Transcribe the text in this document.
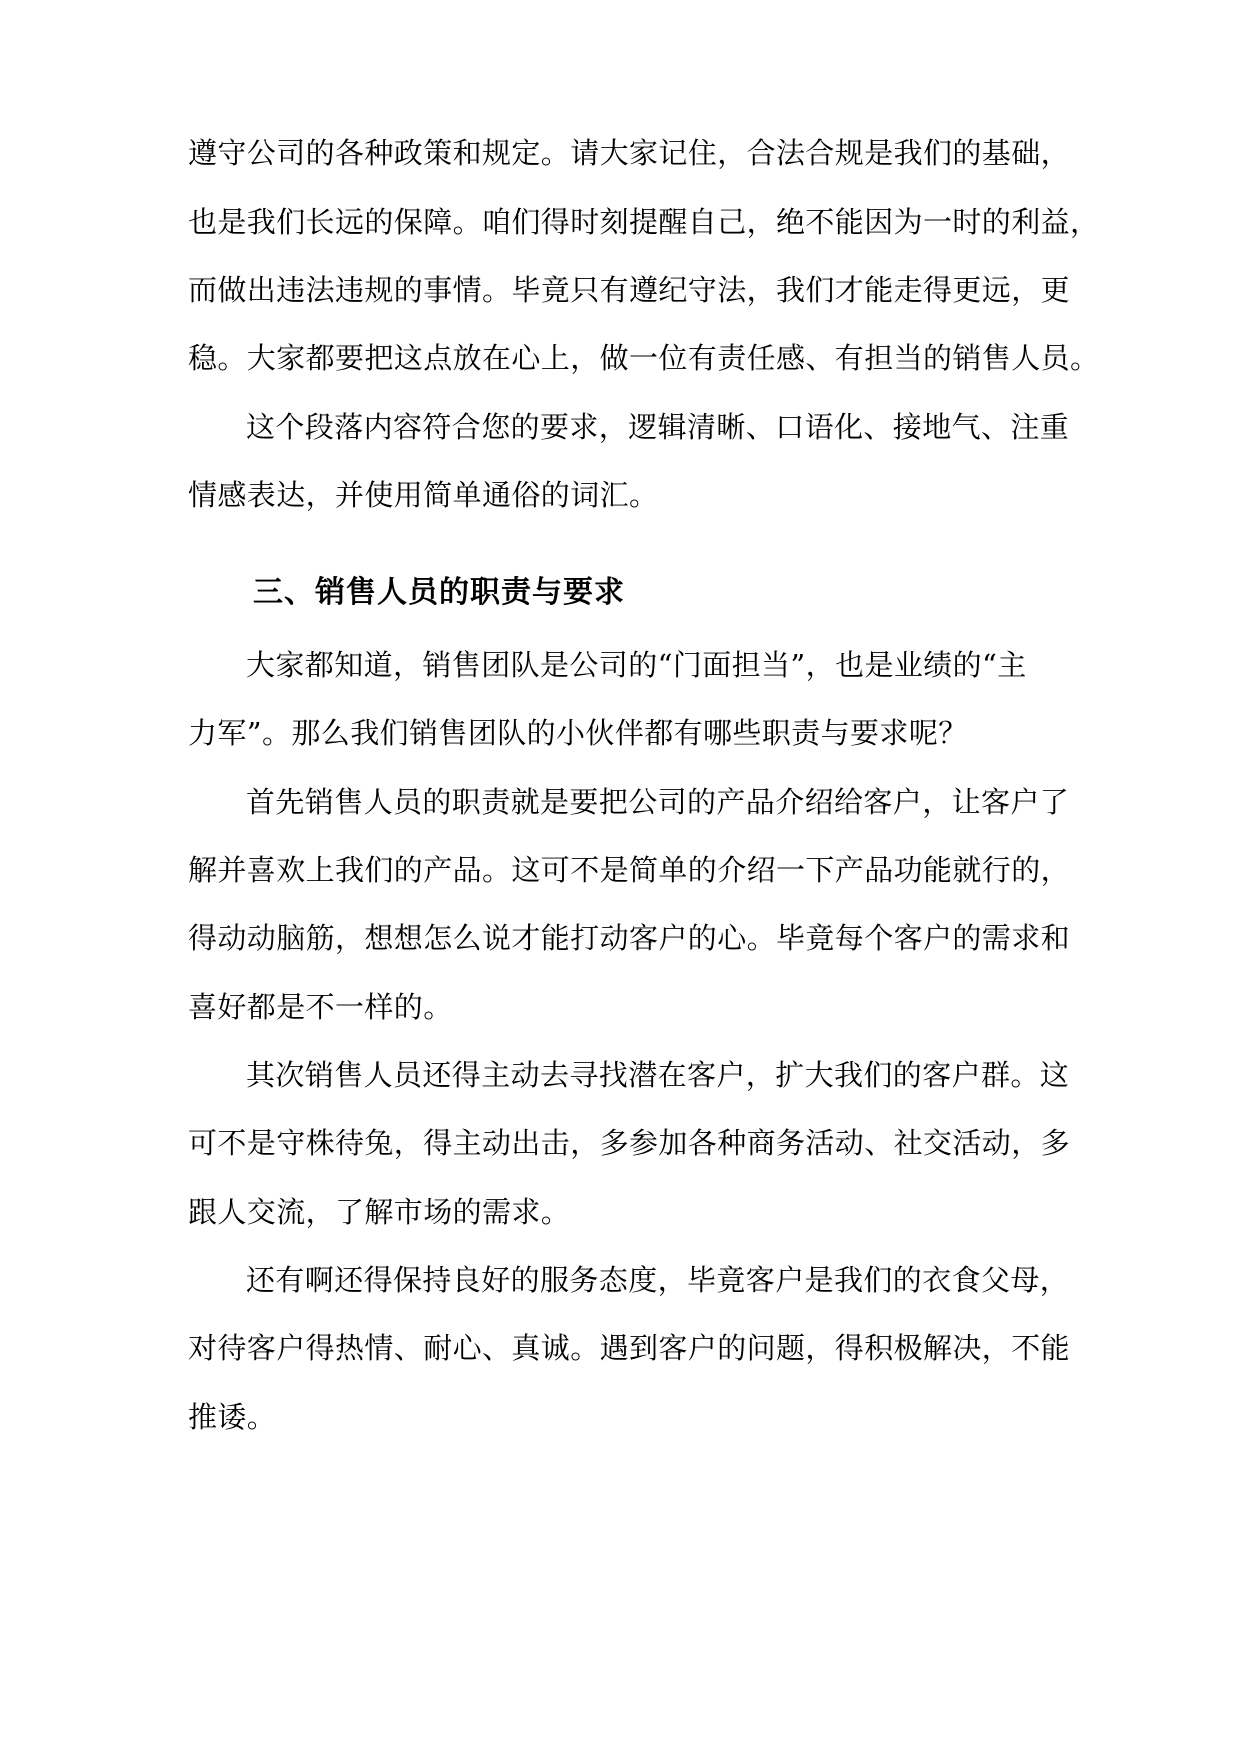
遵守公司的各种政策和规定。请大家记住，合法合规是我们的基础，
也是我们长远的保障。咱们得时刻提醒自己，绝不能因为一时的利益，
而做出违法违规的事情。毕竟只有遵纪守法，我们才能走得更远，更
稳。大家都要把这点放在心上，做一位有责任感、有担当的销售人员。
这个段落内容符合您的要求，逻辑清晰、口语化、接地气、注重
情感表达，并使用简单通俗的词汇。
三、销售人员的职责与要求
大家都知道，销售团队是公司的“门面担当”，也是业绩的“主
力军”。那么我们销售团队的小伙伴都有哪些职责与要求呢？
首先销售人员的职责就是要把公司的产品介绍给客户，让客户了
解并喜欢上我们的产品。这可不是简单的介绍一下产品功能就行的，
得动动脑筋，想想怎么说才能打动客户的心。毕竟每个客户的需求和
喜好都是不一样的。
其次销售人员还得主动去寻找潜在客户，扩大我们的客户群。这
可不是守株待兔，得主动出击，多参加各种商务活动、社交活动，多
跟人交流，了解市场的需求。
还有啊还得保持良好的服务态度，毕竟客户是我们的衣食父母，
对待客户得热情、耐心、真诚。遇到客户的问题，得积极解决，不能
推诿。
